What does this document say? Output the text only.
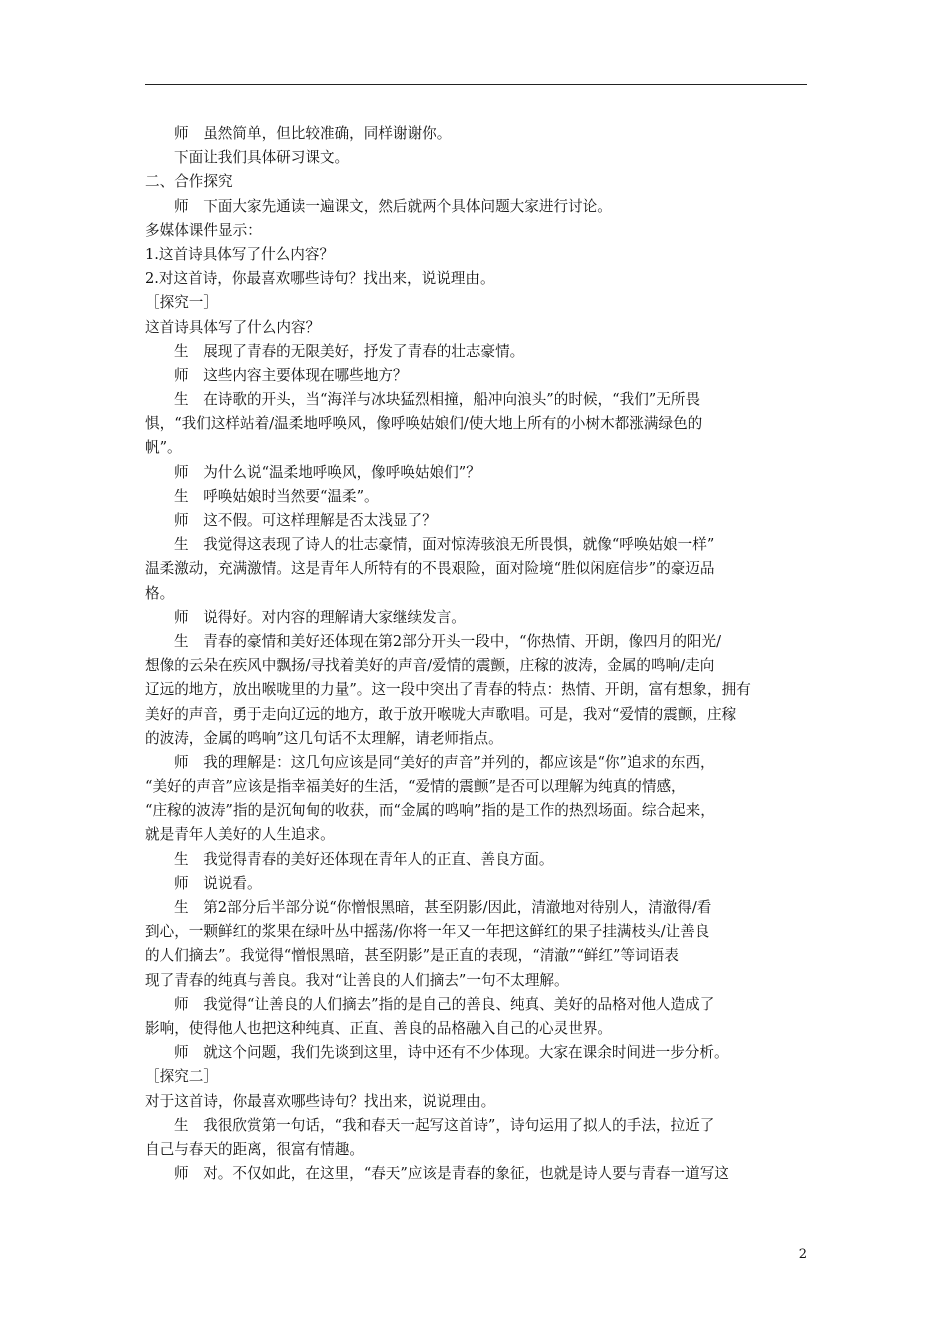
师　虽然简单，但比较准确，同样谢谢你。
下面让我们具体研习课文。
二、合作探究
师　下面大家先通读一遍课文，然后就两个具体问题大家进行讨论。
多媒体课件显示：
1.这首诗具体写了什么内容？
2.对这首诗，你最喜欢哪些诗句？找出来，说说理由。
［探究一］
这首诗具体写了什么内容？
生　展现了青春的无限美好，抒发了青春的壮志豪情。
师　这些内容主要体现在哪些地方？
生　在诗歌的开头，当“海洋与冰块猛烈相撞，船冲向浪头”的时候，“我们”无所畏
惧，“我们这样站着/温柔地呼唤风，像呼唤姑娘们/使大地上所有的小树木都涨满绿色的
帆”。
师　为什么说“温柔地呼唤风，像呼唤姑娘们”？
生　呼唤姑娘时当然要“温柔”。
师　这不假。可这样理解是否太浅显了？
生　我觉得这表现了诗人的壮志豪情，面对惊涛骇浪无所畏惧，就像“呼唤姑娘一样”
温柔激动，充满激情。这是青年人所特有的不畏艰险，面对险境“胜似闲庭信步”的豪迈品
格。
师　说得好。对内容的理解请大家继续发言。
生　青春的豪情和美好还体现在第2部分开头一段中，“你热情、开朗，像四月的阳光/
想像的云朵在疾风中飘扬/寻找着美好的声音/爱情的震颤，庄稼的波涛，金属的鸣响/走向
辽远的地方，放出喉咙里的力量”。这一段中突出了青春的特点：热情、开朗，富有想象，拥有
美好的声音，勇于走向辽远的地方，敢于放开喉咙大声歌唱。可是，我对“爱情的震颤，庄稼
的波涛，金属的鸣响”这几句话不太理解，请老师指点。
师　我的理解是：这几句应该是同“美好的声音”并列的，都应该是“你”追求的东西，
“美好的声音”应该是指幸福美好的生活，“爱情的震颤”是否可以理解为纯真的情感，
“庄稼的波涛”指的是沉甸甸的收获，而“金属的鸣响”指的是工作的热烈场面。综合起来，
就是青年人美好的人生追求。
生　我觉得青春的美好还体现在青年人的正直、善良方面。
师　说说看。
生　第2部分后半部分说“你憎恨黑暗，甚至阴影/因此，清澈地对待别人，清澈得/看
到心，一颗鲜红的浆果在绿叶丛中摇荡/你将一年又一年把这鲜红的果子挂满枝头/让善良
的人们摘去”。我觉得“憎恨黑暗，甚至阴影”是正直的表现，“清澈”“鲜红”等词语表
现了青春的纯真与善良。我对“让善良的人们摘去”一句不太理解。
师　我觉得“让善良的人们摘去”指的是自己的善良、纯真、美好的品格对他人造成了
影响，使得他人也把这种纯真、正直、善良的品格融入自己的心灵世界。
师　就这个问题，我们先谈到这里，诗中还有不少体现。大家在课余时间进一步分析。
［探究二］
对于这首诗，你最喜欢哪些诗句？找出来，说说理由。
生　我很欣赏第一句话，“我和春天一起写这首诗”，诗句运用了拟人的手法，拉近了
自己与春天的距离，很富有情趣。
师　对。不仅如此，在这里，“春天”应该是青春的象征，也就是诗人要与青春一道写这
2
